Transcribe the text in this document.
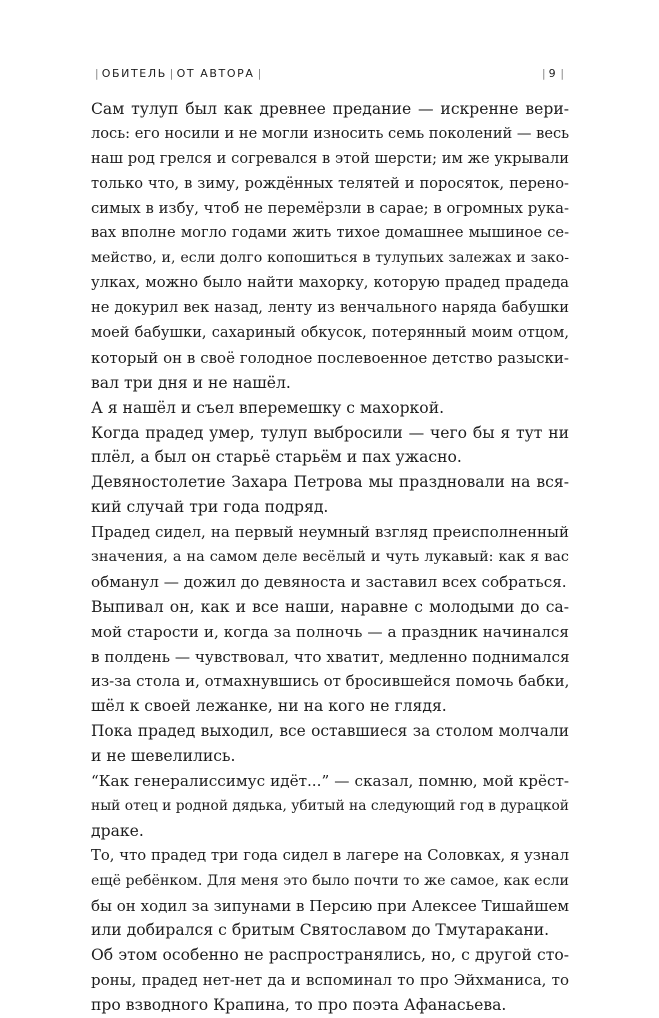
| ОБИТЕЛЬ | ОТ АВТОРА |	| 9 |
Сам тулуп был как древнее предание — искренне вери-
лось: его носили и не могли износить семь поколений — весь
наш род грелся и согревался в этой шерсти; им же укрывали
только что, в зиму, рождённых телятей и поросяток, перено-
симых в избу, чтоб не перемёрзли в сарае; в огромных рука-
вах вполне могло годами жить тихое домашнее мышиное се-
мейство, и, если долго копошиться в тулупьих залежах и зако-
улках, можно было найти махорку, которую прадед прадеда
не докурил век назад, ленту из венчального наряда бабушки
моей бабушки, сахариный обкусок, потерянный моим отцом,
который он в своё голодное послевоенное детство разыски-
вал три дня и не нашёл.
А я нашёл и съел вперемешку с махоркой.
Когда прадед умер, тулуп выбросили — чего бы я тут ни
плёл, а был он старьё старьём и пах ужасно.
Девяностолетие Захара Петрова мы праздновали на вся-
кий случай три года подряд.
Прадед сидел, на первый неумный взгляд преисполненный
значения, а на самом деле весёлый и чуть лукавый: как я вас
обманул — дожил до девяноста и заставил всех собраться.
Выпивал он, как и все наши, наравне с молодыми до са-
мой старости и, когда за полночь — а праздник начинался
в полдень — чувствовал, что хватит, медленно поднимался
из-за стола и, отмахнувшись от бросившейся помочь бабки,
шёл к своей лежанке, ни на кого не глядя.
Пока прадед выходил, все оставшиеся за столом молчали
и не шевелились.
“Как генералиссимус идёт...” — сказал, помню, мой крёст-
ный отец и родной дядька, убитый на следующий год в дурацкой
драке.
То, что прадед три года сидел в лагере на Соловках, я узнал
ещё ребёнком. Для меня это было почти то же самое, как если
бы он ходил за зипунами в Персию при Алексее Тишайшем
или добирался с бритым Святославом до Тмутаракани.
Об этом особенно не распространялись, но, с другой сто-
роны, прадед нет-нет да и вспоминал то про Эйхманиса, то
про взводного Крапина, то про поэта Афанасьева.
